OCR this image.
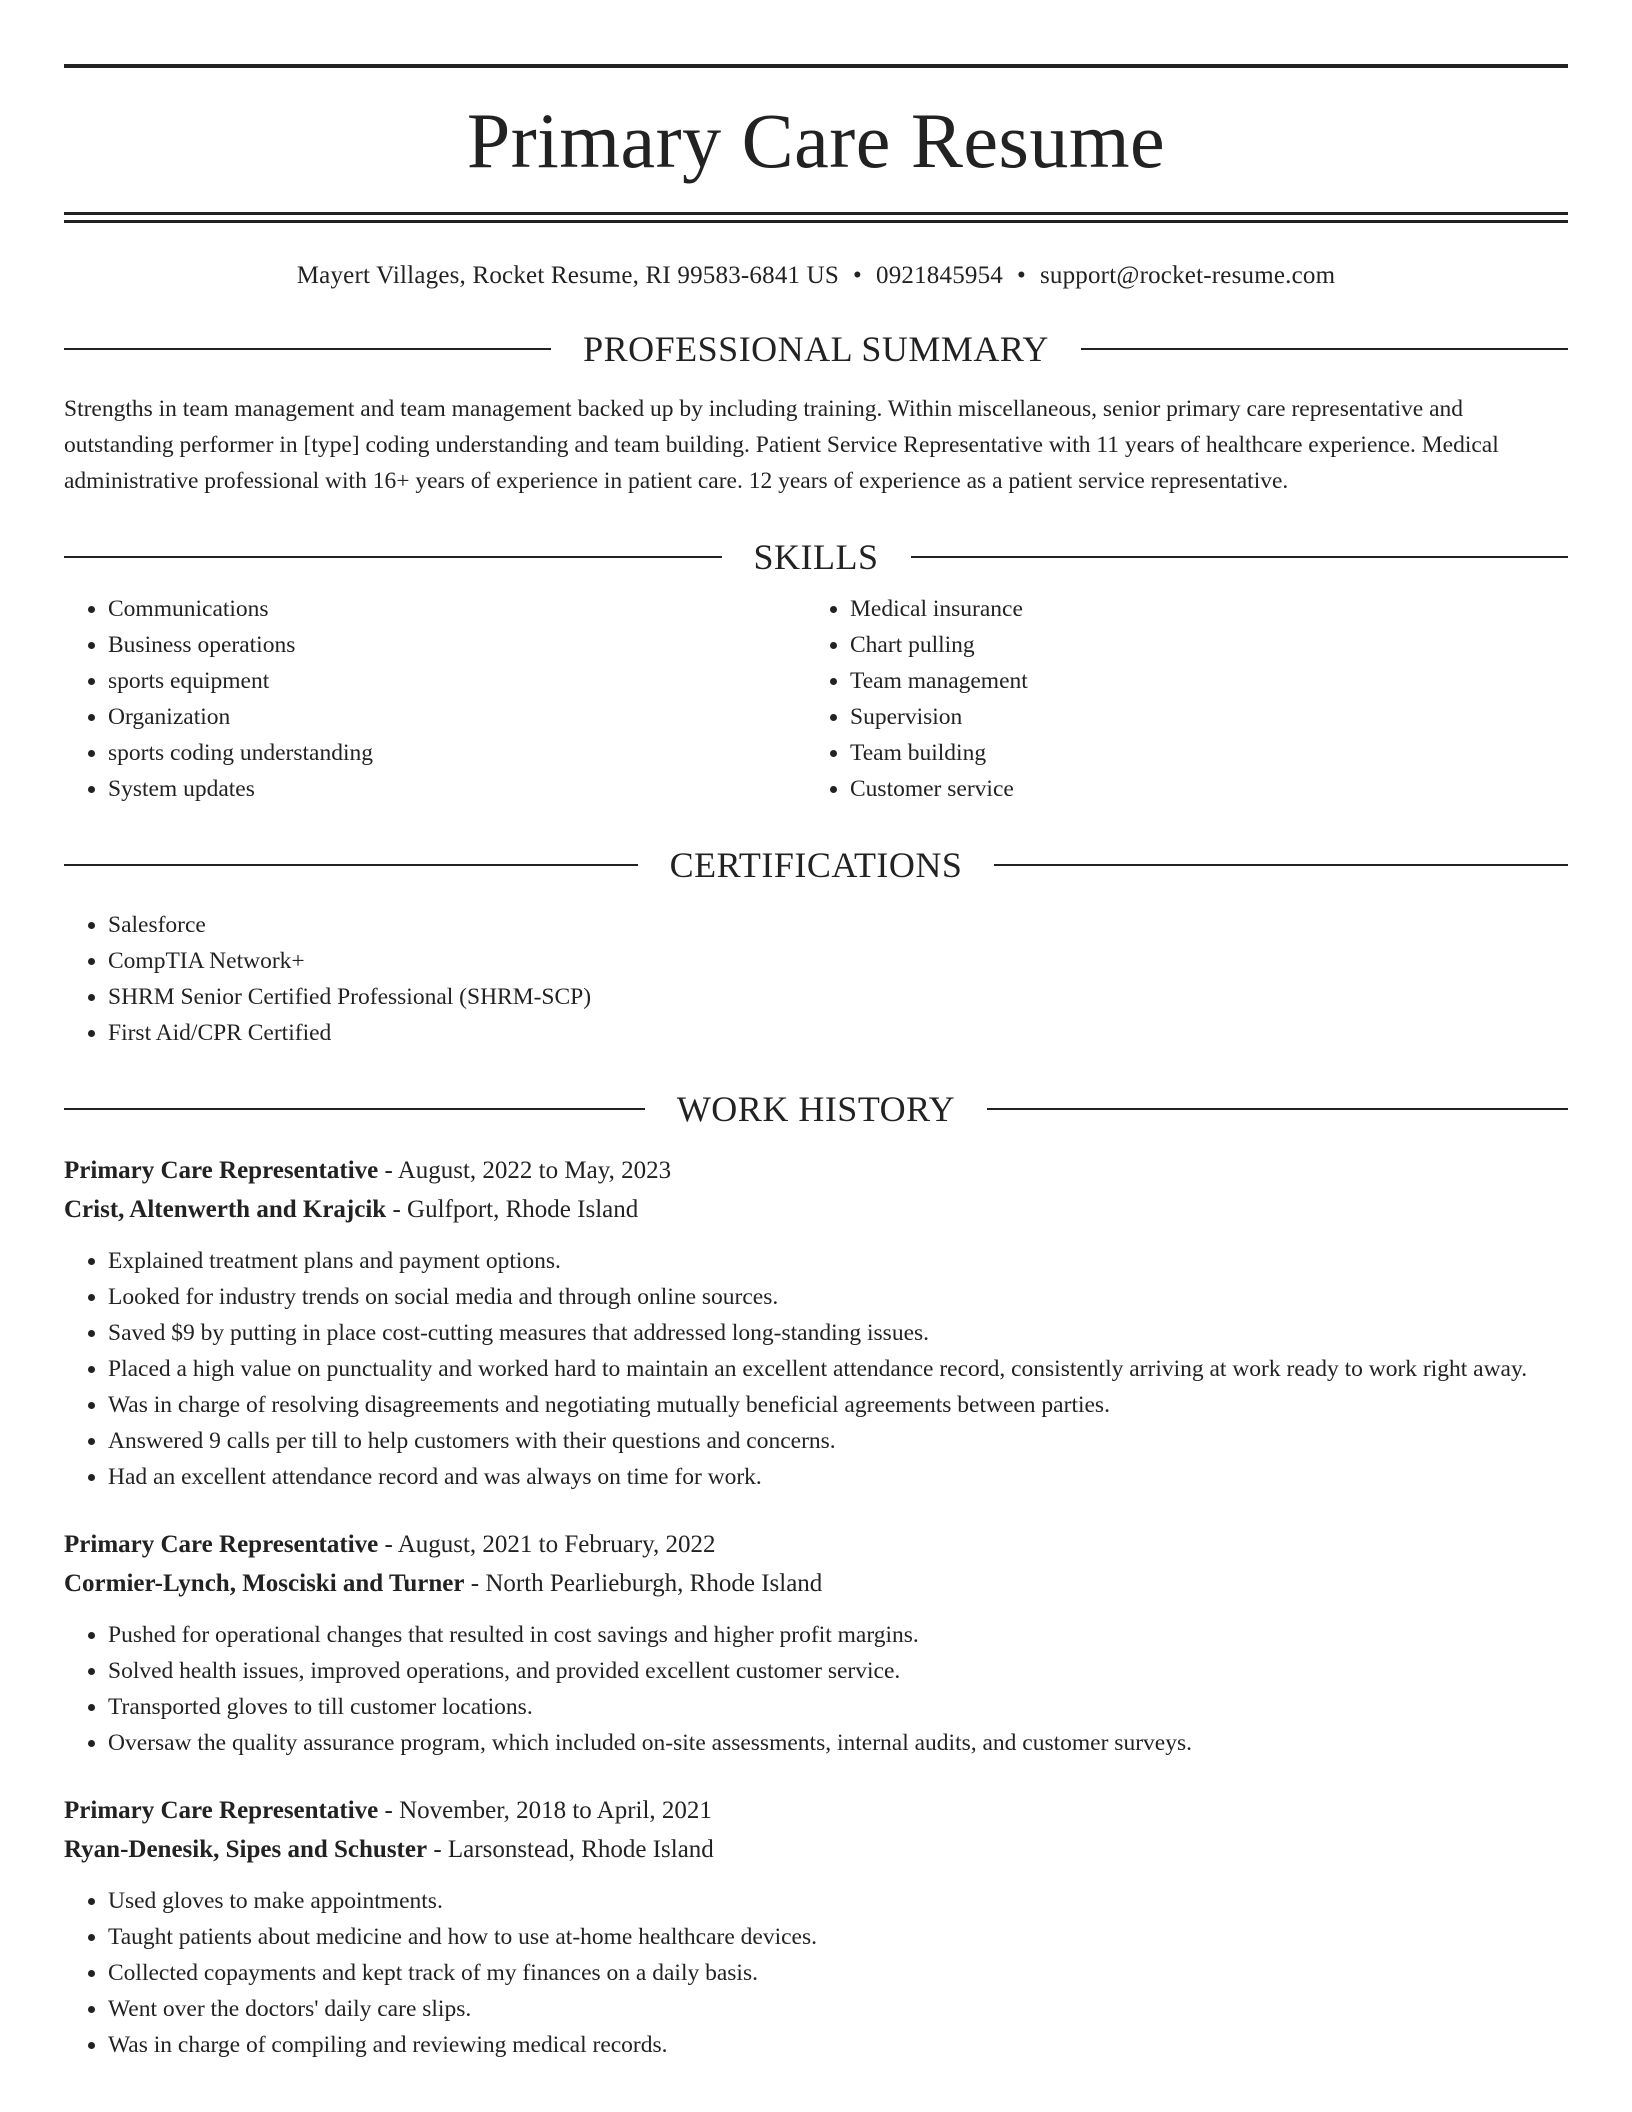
Primary Care Resume
Mayert Villages, Rocket Resume, RI 99583-6841 US • 0921845954 • support@rocket-resume.com
PROFESSIONAL SUMMARY
Strengths in team management and team management backed up by including training. Within miscellaneous, senior primary care representative and outstanding performer in [type] coding understanding and team building. Patient Service Representative with 11 years of healthcare experience. Medical administrative professional with 16+ years of experience in patient care. 12 years of experience as a patient service representative.
SKILLS
• Communications
• Business operations
• sports equipment
• Organization
• sports coding understanding
• System updates
• Medical insurance
• Chart pulling
• Team management
• Supervision
• Team building
• Customer service
CERTIFICATIONS
• Salesforce
• CompTIA Network+
• SHRM Senior Certified Professional (SHRM-SCP)
• First Aid/CPR Certified
WORK HISTORY
Primary Care Representative - August, 2022 to May, 2023
Crist, Altenwerth and Krajcik - Gulfport, Rhode Island
• Explained treatment plans and payment options.
• Looked for industry trends on social media and through online sources.
• Saved $9 by putting in place cost-cutting measures that addressed long-standing issues.
• Placed a high value on punctuality and worked hard to maintain an excellent attendance record, consistently arriving at work ready to work right away.
• Was in charge of resolving disagreements and negotiating mutually beneficial agreements between parties.
• Answered 9 calls per till to help customers with their questions and concerns.
• Had an excellent attendance record and was always on time for work.
Primary Care Representative - August, 2021 to February, 2022
Cormier-Lynch, Mosciski and Turner - North Pearlieburgh, Rhode Island
• Pushed for operational changes that resulted in cost savings and higher profit margins.
• Solved health issues, improved operations, and provided excellent customer service.
• Transported gloves to till customer locations.
• Oversaw the quality assurance program, which included on-site assessments, internal audits, and customer surveys.
Primary Care Representative - November, 2018 to April, 2021
Ryan-Denesik, Sipes and Schuster - Larsonstead, Rhode Island
• Used gloves to make appointments.
• Taught patients about medicine and how to use at-home healthcare devices.
• Collected copayments and kept track of my finances on a daily basis.
• Went over the doctors' daily care slips.
• Was in charge of compiling and reviewing medical records.
